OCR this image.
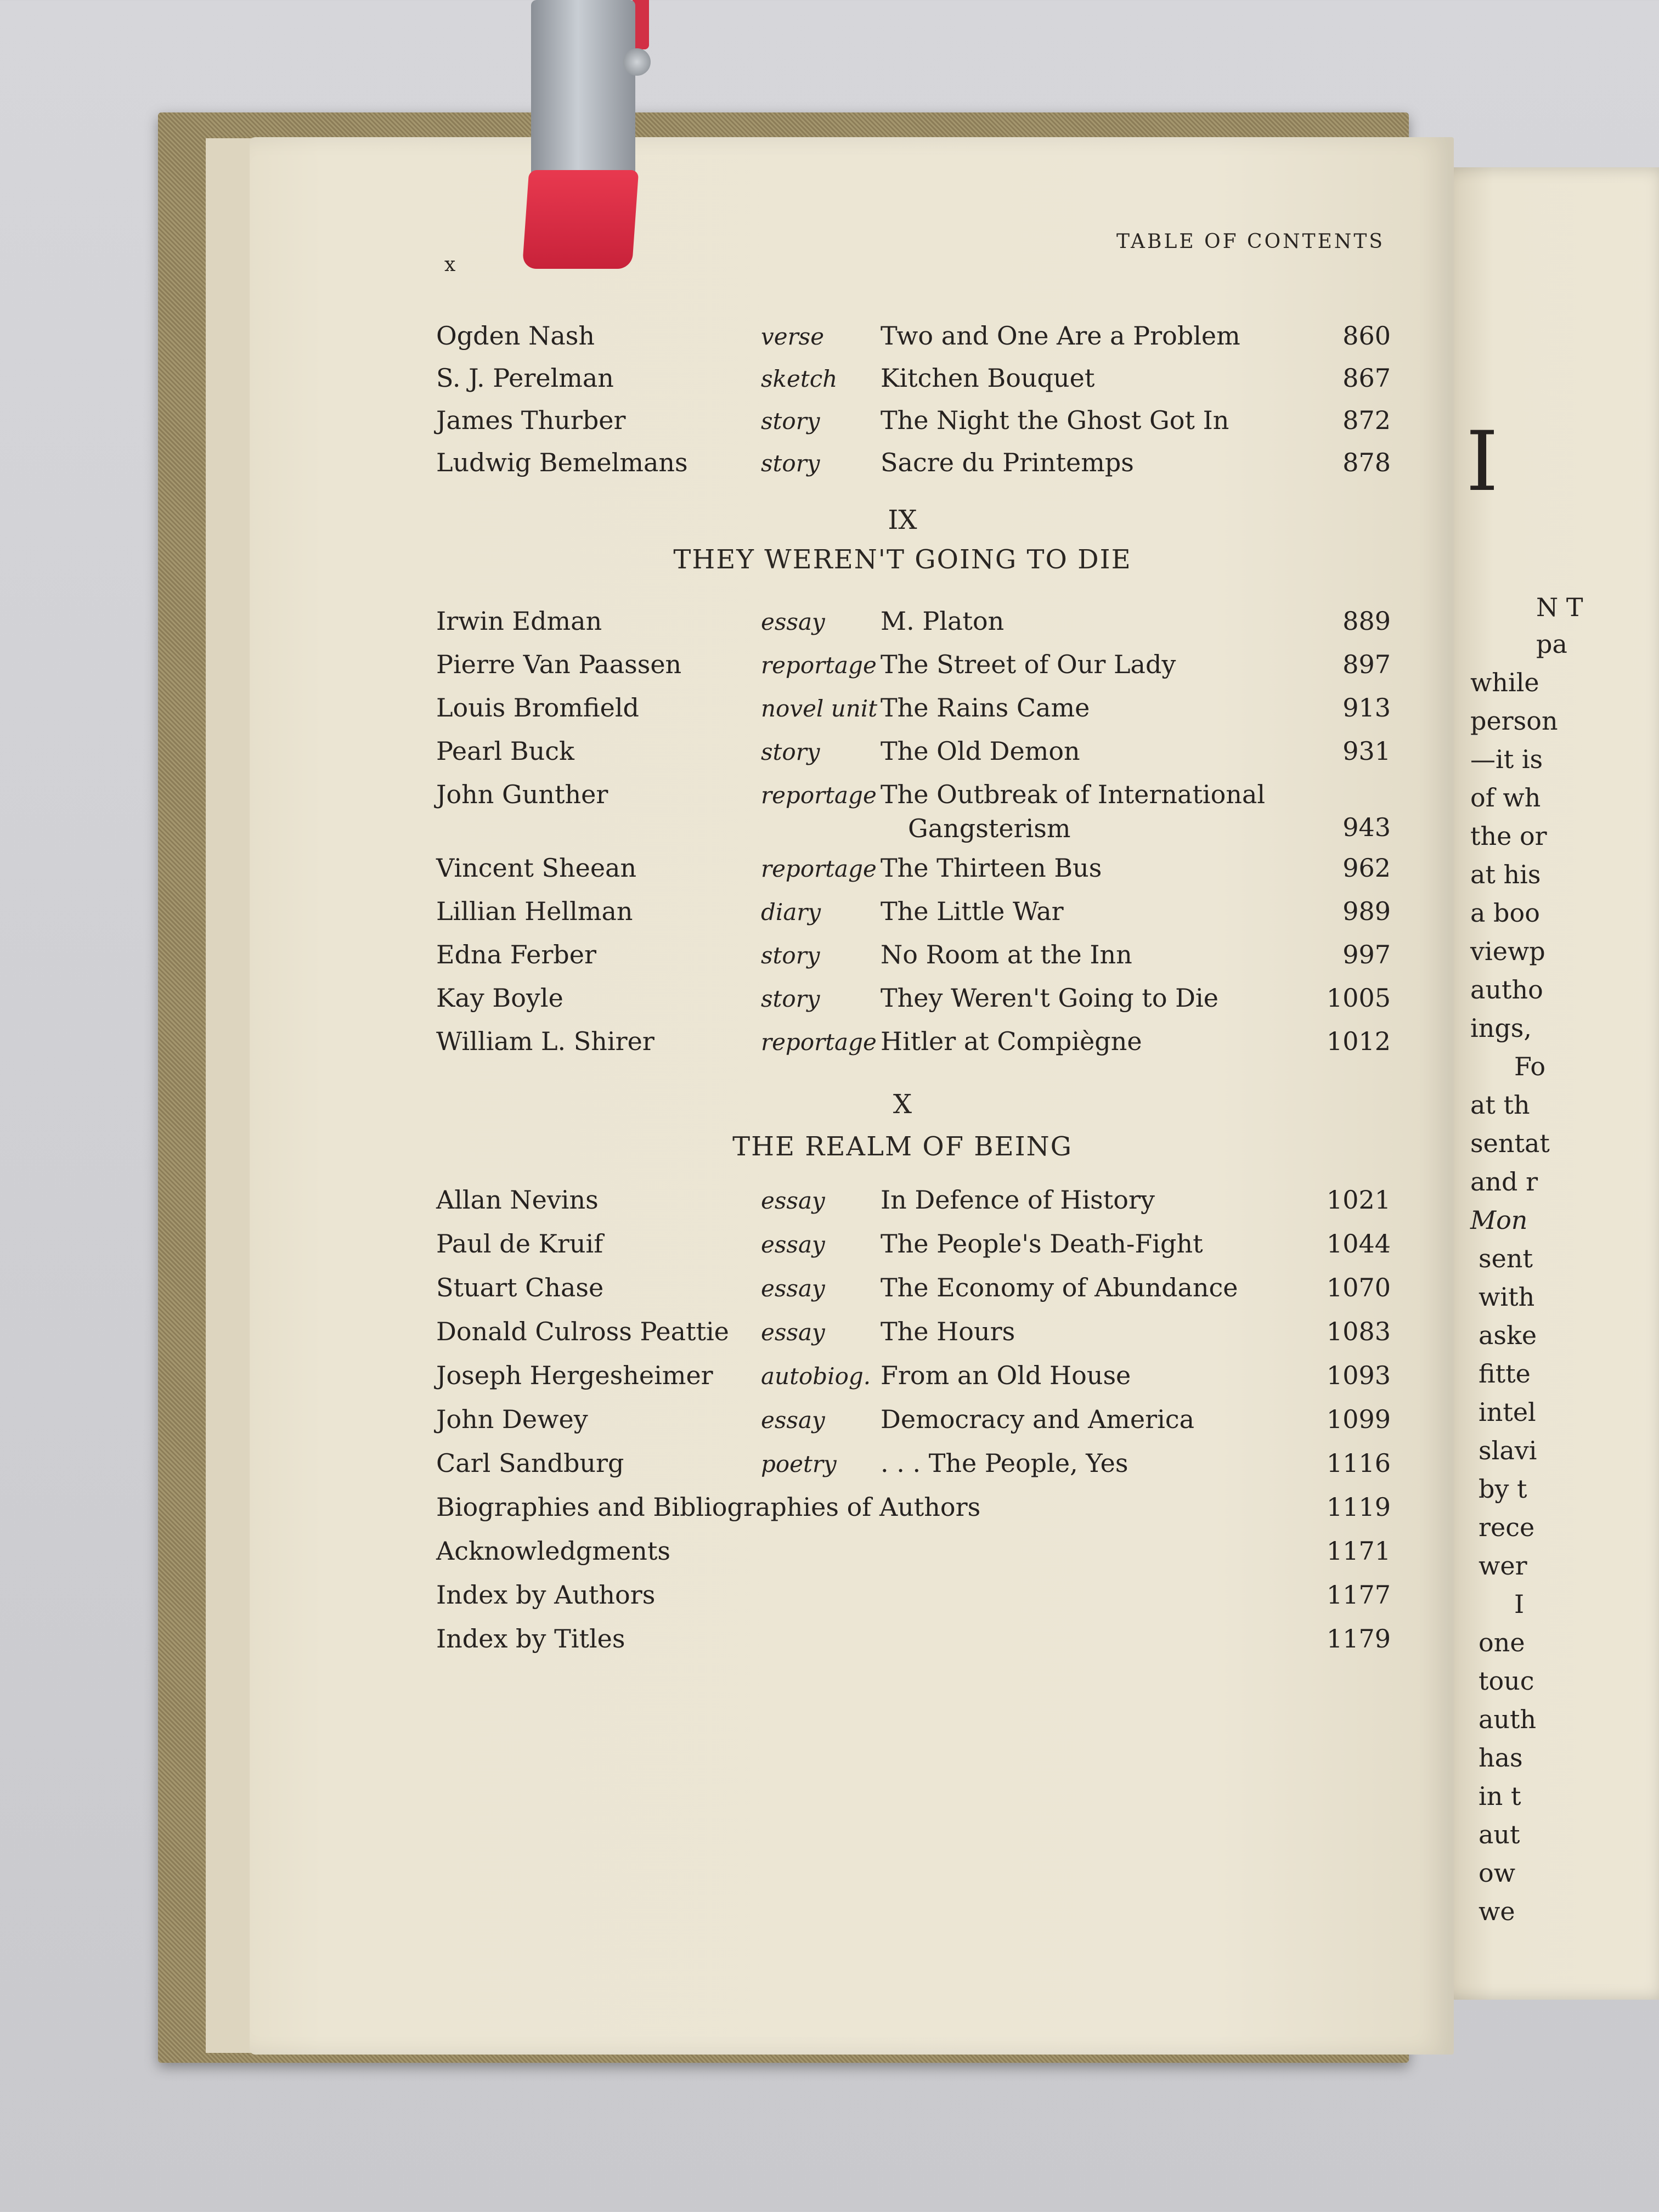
I
N T
pa
while
person
—it is
of wh
the or
at his
a boo
viewp
autho
ings,
Fo
at th
sentat
and r
Mon
sent
with
aske
fitte
intel
slavi
by t
rece
wer
I
one
touc
auth
has
in t
aut
ow
we
x
TABLE OF CONTENTS
Ogden Nash	verse Two and One Are a Problem	860
S. J. Perelman	sketch Kitchen Bouquet	867
James Thurber	story The Night the Ghost Got In	872
Ludwig Bemelmans	story Sacre du Printemps	878
IX
THEY WEREN'T GOING TO DIE
Irwin Edman	essay M. Platon	889
Pierre Van Paassen	reportage The Street of Our Lady	897
Louis Bromfield	novel unit The Rains Came	913
Pearl Buck	story The Old Demon	931
John Gunther	reportage The Outbreak of International
Gangsterism	943
Vincent Sheean	reportage The Thirteen Bus	962
Lillian Hellman	diary The Little War	989
Edna Ferber	story No Room at the Inn	997
Kay Boyle	story They Weren't Going to Die	1005
William L. Shirer	reportage Hitler at Compiègne	1012
X
THE REALM OF BEING
Allan Nevins	essay In Defence of History	1021
Paul de Kruif	essay The People's Death-Fight	1044
Stuart Chase	essay The Economy of Abundance	1070
Donald Culross Peattie essay The Hours	1083
Joseph Hergesheimer autobiog. From an Old House	1093
John Dewey	essay Democracy and America	1099
Carl Sandburg	poetry . . . The People, Yes	1116
Biographies and Bibliographies of Authors	1119
Acknowledgments	1171
Index by Authors	1177
Index by Titles	1179
